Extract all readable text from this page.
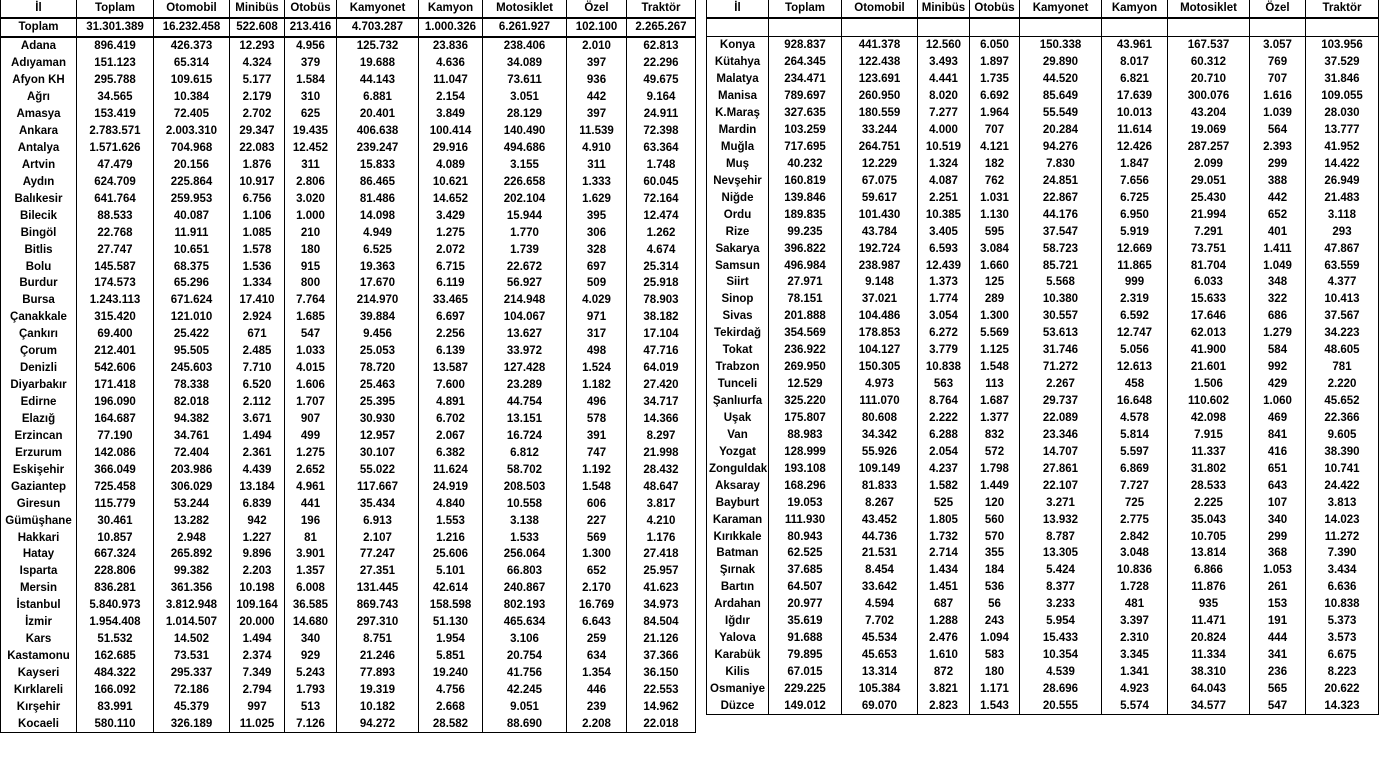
İl	Toplam	Otomobil	Minibüs	Otobüs	Kamyonet	Kamyon	Motosiklet	Özel	Traktör
Toplam	31.301.389	16.232.458	522.608	213.416	4.703.287	1.000.326	6.261.927	102.100	2.265.267
Adana	896.419	426.373	12.293	4.956	125.732	23.836	238.406	2.010	62.813
Adıyaman	151.123	65.314	4.324	379	19.688	4.636	34.089	397	22.296
Afyon KH	295.788	109.615	5.177	1.584	44.143	11.047	73.611	936	49.675
Ağrı	34.565	10.384	2.179	310	6.881	2.154	3.051	442	9.164
Amasya	153.419	72.405	2.702	625	20.401	3.849	28.129	397	24.911
Ankara	2.783.571	2.003.310	29.347	19.435	406.638	100.414	140.490	11.539	72.398
Antalya	1.571.626	704.968	22.083	12.452	239.247	29.916	494.686	4.910	63.364
Artvin	47.479	20.156	1.876	311	15.833	4.089	3.155	311	1.748
Aydın	624.709	225.864	10.917	2.806	86.465	10.621	226.658	1.333	60.045
Balıkesir	641.764	259.953	6.756	3.020	81.486	14.652	202.104	1.629	72.164
Bilecik	88.533	40.087	1.106	1.000	14.098	3.429	15.944	395	12.474
Bingöl	22.768	11.911	1.085	210	4.949	1.275	1.770	306	1.262
Bitlis	27.747	10.651	1.578	180	6.525	2.072	1.739	328	4.674
Bolu	145.587	68.375	1.536	915	19.363	6.715	22.672	697	25.314
Burdur	174.573	65.296	1.334	800	17.670	6.119	56.927	509	25.918
Bursa	1.243.113	671.624	17.410	7.764	214.970	33.465	214.948	4.029	78.903
Çanakkale	315.420	121.010	2.924	1.685	39.884	6.697	104.067	971	38.182
Çankırı	69.400	25.422	671	547	9.456	2.256	13.627	317	17.104
Çorum	212.401	95.505	2.485	1.033	25.053	6.139	33.972	498	47.716
Denizli	542.606	245.603	7.710	4.015	78.720	13.587	127.428	1.524	64.019
Diyarbakır	171.418	78.338	6.520	1.606	25.463	7.600	23.289	1.182	27.420
Edirne	196.090	82.018	2.112	1.707	25.395	4.891	44.754	496	34.717
Elazığ	164.687	94.382	3.671	907	30.930	6.702	13.151	578	14.366
Erzincan	77.190	34.761	1.494	499	12.957	2.067	16.724	391	8.297
Erzurum	142.086	72.404	2.361	1.275	30.107	6.382	6.812	747	21.998
Eskişehir	366.049	203.986	4.439	2.652	55.022	11.624	58.702	1.192	28.432
Gaziantep	725.458	306.029	13.184	4.961	117.667	24.919	208.503	1.548	48.647
Giresun	115.779	53.244	6.839	441	35.434	4.840	10.558	606	3.817
Gümüşhane	30.461	13.282	942	196	6.913	1.553	3.138	227	4.210
Hakkari	10.857	2.948	1.227	81	2.107	1.216	1.533	569	1.176
Hatay	667.324	265.892	9.896	3.901	77.247	25.606	256.064	1.300	27.418
Isparta	228.806	99.382	2.203	1.357	27.351	5.101	66.803	652	25.957
Mersin	836.281	361.356	10.198	6.008	131.445	42.614	240.867	2.170	41.623
İstanbul	5.840.973	3.812.948	109.164	36.585	869.743	158.598	802.193	16.769	34.973
İzmir	1.954.408	1.014.507	20.000	14.680	297.310	51.130	465.634	6.643	84.504
Kars	51.532	14.502	1.494	340	8.751	1.954	3.106	259	21.126
Kastamonu	162.685	73.531	2.374	929	21.246	5.851	20.754	634	37.366
Kayseri	484.322	295.337	7.349	5.243	77.893	19.240	41.756	1.354	36.150
Kırklareli	166.092	72.186	2.794	1.793	19.319	4.756	42.245	446	22.553
Kırşehir	83.991	45.379	997	513	10.182	2.668	9.051	239	14.962
Kocaeli	580.110	326.189	11.025	7.126	94.272	28.582	88.690	2.208	22.018
İl	Toplam	Otomobil	Minibüs	Otobüs	Kamyonet	Kamyon	Motosiklet	Özel	Traktör

Konya	928.837	441.378	12.560	6.050	150.338	43.961	167.537	3.057	103.956
Kütahya	264.345	122.438	3.493	1.897	29.890	8.017	60.312	769	37.529
Malatya	234.471	123.691	4.441	1.735	44.520	6.821	20.710	707	31.846
Manisa	789.697	260.950	8.020	6.692	85.649	17.639	300.076	1.616	109.055
K.Maraş	327.635	180.559	7.277	1.964	55.549	10.013	43.204	1.039	28.030
Mardin	103.259	33.244	4.000	707	20.284	11.614	19.069	564	13.777
Muğla	717.695	264.751	10.519	4.121	94.276	12.426	287.257	2.393	41.952
Muş	40.232	12.229	1.324	182	7.830	1.847	2.099	299	14.422
Nevşehir	160.819	67.075	4.087	762	24.851	7.656	29.051	388	26.949
Niğde	139.846	59.617	2.251	1.031	22.867	6.725	25.430	442	21.483
Ordu	189.835	101.430	10.385	1.130	44.176	6.950	21.994	652	3.118
Rize	99.235	43.784	3.405	595	37.547	5.919	7.291	401	293
Sakarya	396.822	192.724	6.593	3.084	58.723	12.669	73.751	1.411	47.867
Samsun	496.984	238.987	12.439	1.660	85.721	11.865	81.704	1.049	63.559
Siirt	27.971	9.148	1.373	125	5.568	999	6.033	348	4.377
Sinop	78.151	37.021	1.774	289	10.380	2.319	15.633	322	10.413
Sivas	201.888	104.486	3.054	1.300	30.557	6.592	17.646	686	37.567
Tekirdağ	354.569	178.853	6.272	5.569	53.613	12.747	62.013	1.279	34.223
Tokat	236.922	104.127	3.779	1.125	31.746	5.056	41.900	584	48.605
Trabzon	269.950	150.305	10.838	1.548	71.272	12.613	21.601	992	781
Tunceli	12.529	4.973	563	113	2.267	458	1.506	429	2.220
Şanlıurfa	325.220	111.070	8.764	1.687	29.737	16.648	110.602	1.060	45.652
Uşak	175.807	80.608	2.222	1.377	22.089	4.578	42.098	469	22.366
Van	88.983	34.342	6.288	832	23.346	5.814	7.915	841	9.605
Yozgat	128.999	55.926	2.054	572	14.707	5.597	11.337	416	38.390
Zonguldak	193.108	109.149	4.237	1.798	27.861	6.869	31.802	651	10.741
Aksaray	168.296	81.833	1.582	1.449	22.107	7.727	28.533	643	24.422
Bayburt	19.053	8.267	525	120	3.271	725	2.225	107	3.813
Karaman	111.930	43.452	1.805	560	13.932	2.775	35.043	340	14.023
Kırıkkale	80.943	44.736	1.732	570	8.787	2.842	10.705	299	11.272
Batman	62.525	21.531	2.714	355	13.305	3.048	13.814	368	7.390
Şırnak	37.685	8.454	1.434	184	5.424	10.836	6.866	1.053	3.434
Bartın	64.507	33.642	1.451	536	8.377	1.728	11.876	261	6.636
Ardahan	20.977	4.594	687	56	3.233	481	935	153	10.838
Iğdır	35.619	7.702	1.288	243	5.954	3.397	11.471	191	5.373
Yalova	91.688	45.534	2.476	1.094	15.433	2.310	20.824	444	3.573
Karabük	79.895	45.653	1.610	583	10.354	3.345	11.334	341	6.675
Kilis	67.015	13.314	872	180	4.539	1.341	38.310	236	8.223
Osmaniye	229.225	105.384	3.821	1.171	28.696	4.923	64.043	565	20.622
Düzce	149.012	69.070	2.823	1.543	20.555	5.574	34.577	547	14.323
